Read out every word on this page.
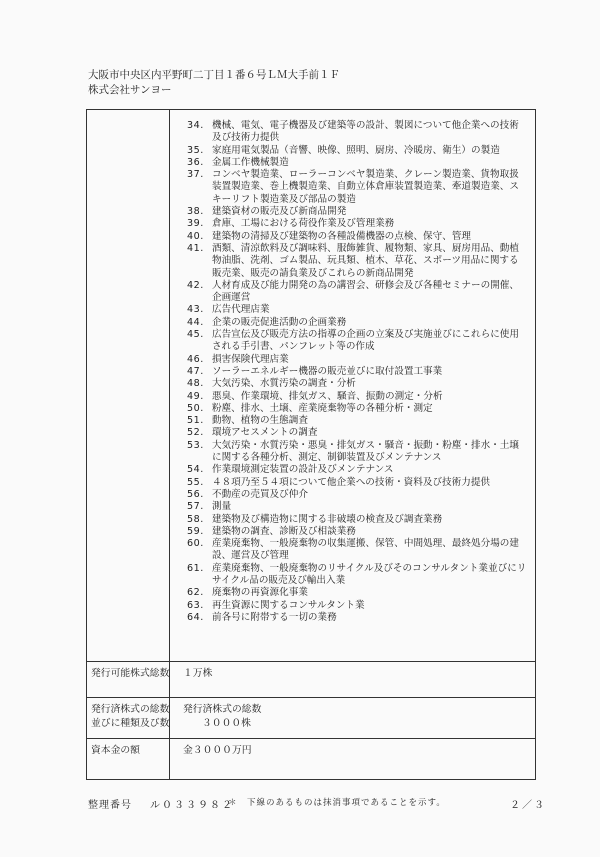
大阪市中央区内平野町二丁目１番６号ＬＭ大手前１Ｆ
株式会社サンヨー
34. 機械、電気、電子機器及び建築等の設計、製図について他企業への技術及び技術力提供
35. 家庭用電気製品（音響、映像、照明、厨房、冷暖房、衛生）の製造
36. 金属工作機械製造
37. コンベヤ製造業、ローラーコンベヤ製造業、クレーン製造業、貨物取扱装置製造業、巻上機製造業、自動立体倉庫装置製造業、牽道製造業、スキーリフト製造業及び部品の製造
38. 建築資材の販売及び新商品開発
39. 倉庫、工場における荷役作業及び管理業務
40. 建築物の清掃及び建築物の各種設備機器の点検、保守、管理
41. 酒類、清涼飲料及び調味料、服飾雑貨、履物類、家具、厨房用品、動植物油脂、洗剤、ゴム製品、玩具類、植木、草花、スポーツ用品に関する販売業、販売の請負業及びこれらの新商品開発
42. 人材育成及び能力開発の為の講習会、研修会及び各種セミナーの開催、企画運営
43. 広告代理店業
44. 企業の販売促進活動の企画業務
45. 広告宣伝及び販売方法の指導の企画の立案及び実施並びにこれらに使用される手引書、パンフレット等の作成
46. 損害保険代理店業
47. ソーラーエネルギー機器の販売並びに取付設置工事業
48. 大気汚染、水質汚染の調査・分析
49. 悪臭、作業環境、排気ガス、騒音、振動の測定・分析
50. 粉塵、排水、土壌、産業廃棄物等の各種分析・測定
51. 動物、植物の生態調査
52. 環境アセスメントの調査
53. 大気汚染・水質汚染・悪臭・排気ガス・騒音・振動・粉塵・排水・土壌に関する各種分析、測定、制御装置及びメンテナンス
54. 作業環境測定装置の設計及びメンテナンス
55. ４８項乃至５４項について他企業への技術・資料及び技術力提供
56. 不動産の売買及び仲介
57. 測量
58. 建築物及び構造物に関する非破壊の検査及び調査業務
59. 建築物の調査、診断及び相談業務
60. 産業廃棄物、一般廃棄物の収集運搬、保管、中間処理、最終処分場の建設、運営及び管理
61. 産業廃棄物、一般廃棄物のリサイクル及びそのコンサルタント業並びにリサイクル品の販売及び輸出入業
62. 廃棄物の再資源化事業
63. 再生資源に関するコンサルタント業
64. 前各号に附帯する一切の業務
発行可能株式総数 １万株
発行済株式の総数
並びに種類及び数
発行済株式の総数
３０００株
資本金の額	金３０００万円
整理番号 ル０３３９８２
＊　下線のあるものは抹消事項であることを示す。	２／３
